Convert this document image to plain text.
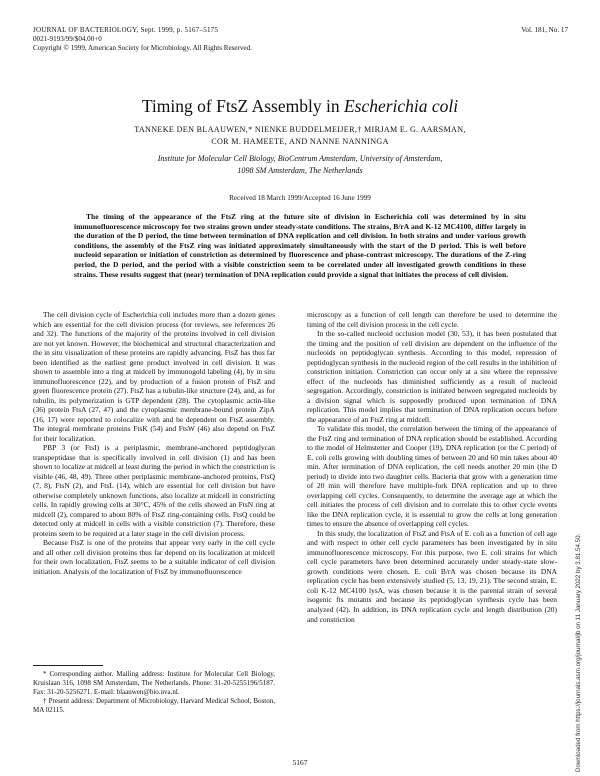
JOURNAL OF BACTERIOLOGY, Sept. 1999, p. 5167–5175	Vol. 181, No. 17
0021-9193/99/$04.00+0
Copyright © 1999, American Society for Microbiology. All Rights Reserved.
Timing of FtsZ Assembly in Escherichia coli
TANNEKE DEN BLAAUWEN,* NIENKE BUDDELMEIJER,† MIRJAM E. G. AARSMAN,
COR M. HAMEETE, AND NANNE NANNINGA
Institute for Molecular Cell Biology, BioCentrum Amsterdam, University of Amsterdam,
1098 SM Amsterdam, The Netherlands
Received 18 March 1999/Accepted 16 June 1999
The timing of the appearance of the FtsZ ring at the future site of division in Escherichia coli was determined by in situ immunofluorescence microscopy for two strains grown under steady-state conditions. The strains, B/rA and K-12 MC4100, differ largely in the duration of the D period, the time between termination of DNA replication and cell division. In both strains and under various growth conditions, the assembly of the FtsZ ring was initiated approximately simultaneously with the start of the D period. This is well before nucleoid separation or initiation of constriction as determined by fluorescence and phase-contrast microscopy. The durations of the Z-ring period, the D period, and the period with a visible constriction seem to be correlated under all investigated growth conditions in these strains. These results suggest that (near) termination of DNA replication could provide a signal that initiates the process of cell division.

The cell division cycle of Escherichia coli includes more than a dozen genes which are essential for the cell division process (for reviews, see references 26 and 32). The functions of the majority of the proteins involved in cell division are not yet known. However, the biochemical and structural characterization and the in situ visualization of these proteins are rapidly advancing. FtsZ has thus far been identified as the earliest gene product involved in cell division. It was shown to assemble into a ring at midcell by immunogold labeling (4), by in situ immunofluorescence (22), and by production of a fusion protein of FtsZ and green fluorescence protein (27). FtsZ has a tubulin-like structure (24), and, as for tubulin, its polymerization is GTP dependent (28). The cytoplasmic actin-like (36) protein FtsA (27, 47) and the cytoplasmic membrane-bound protein ZipA (16, 17) were reported to colocalize with and be dependent on FtsZ assembly. The integral membrane proteins FtsK (54) and FtsW (46) also depend on FtsZ for their localization.

PBP 3 (or FtsI) is a periplasmic, membrane-anchored peptidoglycan transpeptidase that is specifically involved in cell division (1) and has been shown to localize at midcell at least during the period in which the constriction is visible (46, 48, 49). Three other periplasmic membrane-anchored proteins, FtsQ (7, 8), FtsN (2), and FtsL (14), which are essential for cell division but have otherwise completely unknown functions, also localize at midcell in constricting cells. In rapidly growing cells at 30°C, 45% of the cells showed an FtsN ring at midcell (2), compared to about 80% of FtsZ ring-containing cells. FtsQ could be detected only at midcell in cells with a visible constriction (7). Therefore, these proteins seem to be required at a later stage in the cell division process.

Because FtsZ is one of the proteins that appear very early in the cell cycle and all other cell division proteins thus far depend on its localization at midcell for their own localization, FtsZ seems to be a suitable indicator of cell division initiation. Analysis of the localization of FtsZ by immunofluorescence

* Corresponding author. Mailing address: Institute for Molecular Cell Biology, Kruislaan 316, 1098 SM Amsterdam, The Netherlands. Phone: 31-20-5255196/5187. Fax: 31-20-5256271. E-mail: blaauwen@bio.uva.nl.

† Present address: Department of Microbiology, Harvard Medical School, Boston, MA 02115.

microscopy as a function of cell length can therefore be used to determine the timing of the cell division process in the cell cycle.

In the so-called nucleoid occlusion model (30, 53), it has been postulated that the timing and the position of cell division are dependent on the influence of the nucleoids on peptidoglycan synthesis. According to this model, repression of peptidoglycan synthesis in the nucleoid region of the cell results in the inhibition of constriction initiation. Constriction can occur only at a site where the repressive effect of the nucleoids has diminished sufficiently as a result of nucleoid segregation. Accordingly, constriction is initiated between segregated nucleoids by a division signal which is supposedly produced upon termination of DNA replication. This model implies that termination of DNA replication occurs before the appearance of an FtsZ ring at midcell.

To validate this model, the correlation between the timing of the appearance of the FtsZ ring and termination of DNA replication should be established. According to the model of Helmstetter and Cooper (19), DNA replication (or the C period) of E. coli cells growing with doubling times of between 20 and 60 min takes about 40 min. After termination of DNA replication, the cell needs another 20 min (the D period) to divide into two daughter cells. Bacteria that grow with a generation time of 20 min will therefore have multiple-fork DNA replication and up to three overlapping cell cycles. Consequently, to determine the average age at which the cell initiates the process of cell division and to correlate this to other cycle events like the DNA replication cycle, it is essential to grow the cells at long generation times to ensure the absence of overlapping cell cycles.

In this study, the localization of FtsZ and FtsA of E. coli as a function of cell age and with respect to other cell cycle parameters has been investigated by in situ immunofluorescence microscopy. For this purpose, two E. coli strains for which cell cycle parameters have been determined accurately under steady-state slow-growth conditions were chosen. E. coli B/rA was chosen because its DNA replication cycle has been extensively studied (5, 13, 19, 21). The second strain, E. coli K-12 MC4100 lysA, was chosen because it is the parental strain of several isogenic fts mutants and because its peptidoglycan synthesis cycle has been analyzed (42). In addition, its DNA replication cycle and length distribution (20) and constriction

5167	Downloaded from https://journals.asm.org/journal/jb on 11 January 2022 by 3.81.54.50.
